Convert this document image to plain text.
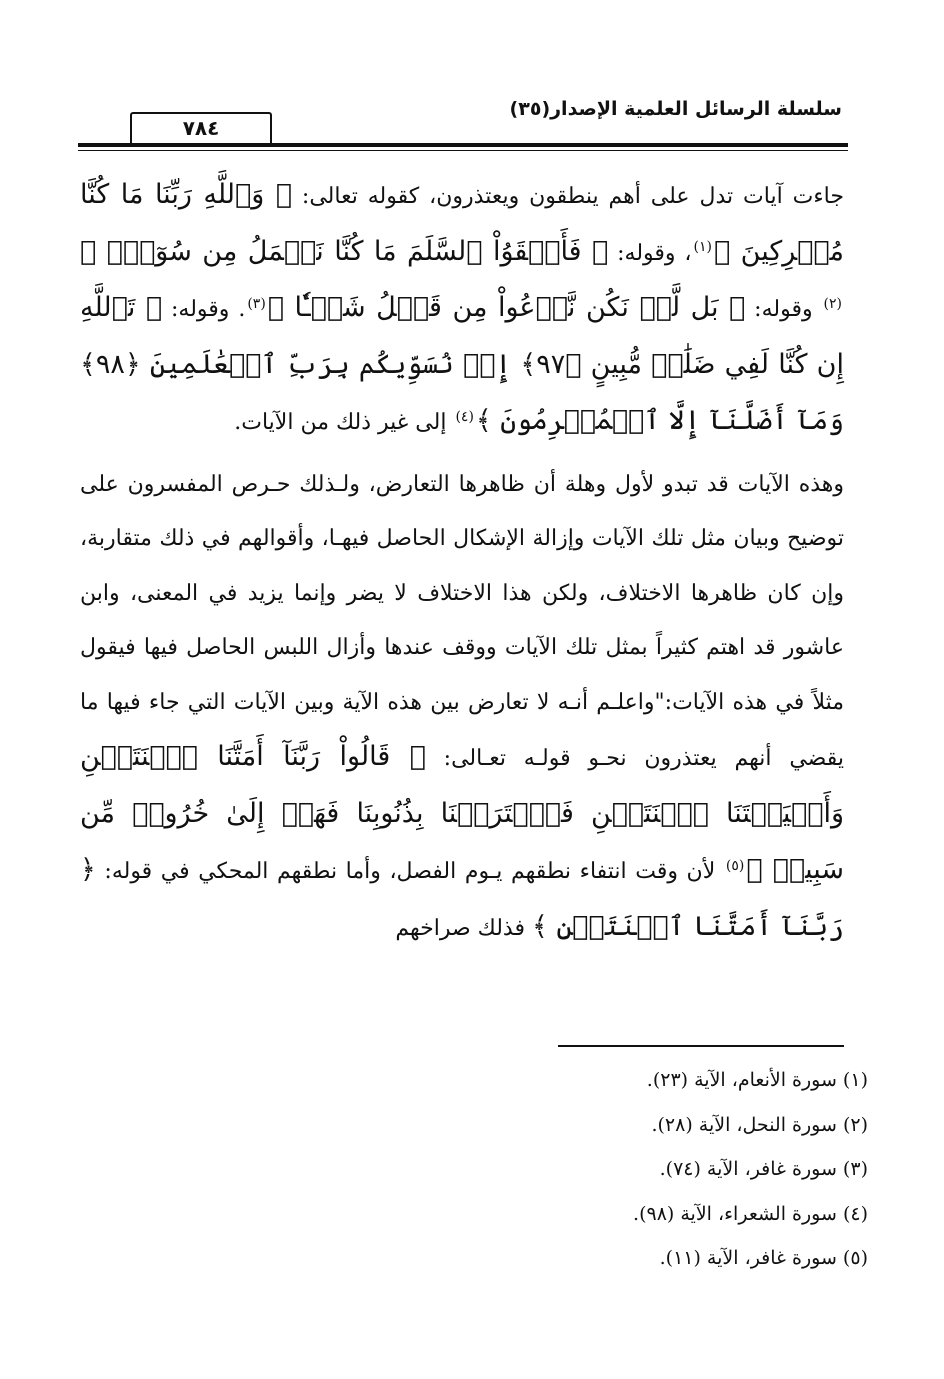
سلسلة الرسائل العلمية الإصدار(٣٥)
٧٨٤

جاءت آيات تدل على أهم ينطقون ويعتذرون، كقوله تعالى: ﴿ وَٱللَّهِ رَبِّنَا مَا كُنَّا مُشۡرِكِينَ ﴾$^{(١)}$، وقوله: ﴿ فَأَلۡقَوُاْ ٱلسَّلَمَ مَا كُنَّا نَعۡمَلُ مِن سُوٓءِۭ ﴾$^{(٢)}$ وقوله: ﴿ بَل لَّمۡ نَكُن نَّدۡعُواْ مِن قَبۡلُ شَيۡـٔٗا ﴾$^{(٣)}$. وقوله: ﴿ تَٱللَّهِ إِن كُنَّا لَفِي ضَلَٰلٖ مُّبِينٍ ﴿٩٧﴾ إِذۡ نُسَوِّيكُم بِرَبِّ ٱلۡعَٰلَمِينَ ﴿٩٨﴾ وَمَآ أَضَلَّنَآ إِلَّا ٱلۡمُجۡرِمُونَ ﴾$^{(٤)}$ إلى غير ذلك من الآيات.

وهذه الآيات قد تبدو لأول وهلة أن ظاهرها التعارض، ولـذلك حـرص المفسرون على توضيح وبيان مثل تلك الآيات وإزالة الإشكال الحاصل فيهـا، وأقوالهم في ذلك متقاربة، وإن كان ظاهرها الاختلاف، ولكن هذا الاختلاف لا يضر وإنما يزيد في المعنى، وابن عاشور قد اهتم كثيراً بمثل تلك الآيات ووقف عندها وأزال اللبس الحاصل فيها فيقول مثلاً في هذه الآيات:"واعلـم أنـه لا تعارض بين هذه الآية وبين الآيات التي جاء فيها ما يقضي أنهم يعتذرون نحـو قولـه تعـالى: ﴿ قَالُواْ رَبَّنَآ أَمَتَّنَا ٱثۡنَتَيۡنِ وَأَحۡيَيۡتَنَا ٱثۡنَتَيۡنِ فَٱعۡتَرَفۡنَا بِذُنُوبِنَا فَهَلۡ إِلَىٰ خُرُوجٖ مِّن سَبِيلٖ ﴾$^{(٥)}$ لأن وقت انتفاء نطقهم يـوم الفصل، وأما نطقهم المحكي في قوله: ﴿ رَبَّنَآ أَمَتَّنَا ٱثۡنَتَيۡنِ ﴾ فذلك صراخهم

(١) سورة الأنعام، الآية (٢٣).

(٢) سورة النحل، الآية (٢٨).

(٣) سورة غافر، الآية (٧٤).

(٤) سورة الشعراء، الآية (٩٨).

(٥) سورة غافر، الآية (١١).
